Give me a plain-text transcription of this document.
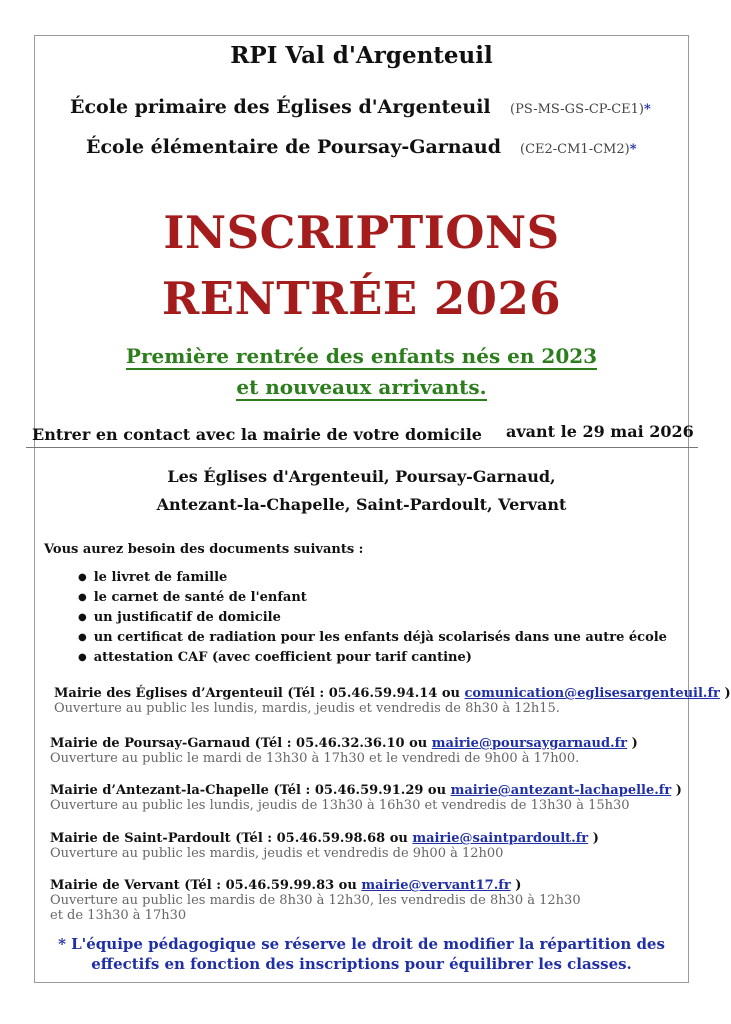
RPI Val d'Argenteuil
École primaire des Églises d'Argenteuil (PS-MS-GS-CP-CE1)*
École élémentaire de Poursay-Garnaud (CE2-CM1-CM2)*
INSCRIPTIONS
RENTRÉE 2026
Première rentrée des enfants nés en 2023
et nouveaux arrivants.
Entrer en contact avec la mairie de votre domicile avant le 29 mai 2026
Les Églises d'Argenteuil, Poursay-Garnaud,
Antezant-la-Chapelle, Saint-Pardoult, Vervant
Vous aurez besoin des documents suivants :
● le livret de famille
● le carnet de santé de l'enfant
● un justificatif de domicile
● un certificat de radiation pour les enfants déjà scolarisés dans une autre école
● attestation CAF (avec coefficient pour tarif cantine)
Mairie des Églises d’Argenteuil (Tél : 05.46.59.94.14 ou comunication@eglisesargenteuil.fr )
Ouverture au public les lundis, mardis, jeudis et vendredis de 8h30 à 12h15.
Mairie de Poursay-Garnaud (Tél : 05.46.32.36.10 ou mairie@poursaygarnaud.fr )
Ouverture au public le mardi de 13h30 à 17h30 et le vendredi de 9h00 à 17h00.
Mairie d’Antezant-la-Chapelle (Tél : 05.46.59.91.29 ou mairie@antezant-lachapelle.fr )
Ouverture au public les lundis, jeudis de 13h30 à 16h30 et vendredis de 13h30 à 15h30
Mairie de Saint-Pardoult (Tél : 05.46.59.98.68 ou mairie@saintpardoult.fr )
Ouverture au public les mardis, jeudis et vendredis de 9h00 à 12h00
Mairie de Vervant (Tél : 05.46.59.99.83 ou mairie@vervant17.fr )
Ouverture au public les mardis de 8h30 à 12h30, les vendredis de 8h30 à 12h30
et de 13h30 à 17h30
* L'équipe pédagogique se réserve le droit de modifier la répartition des
effectifs en fonction des inscriptions pour équilibrer les classes.
